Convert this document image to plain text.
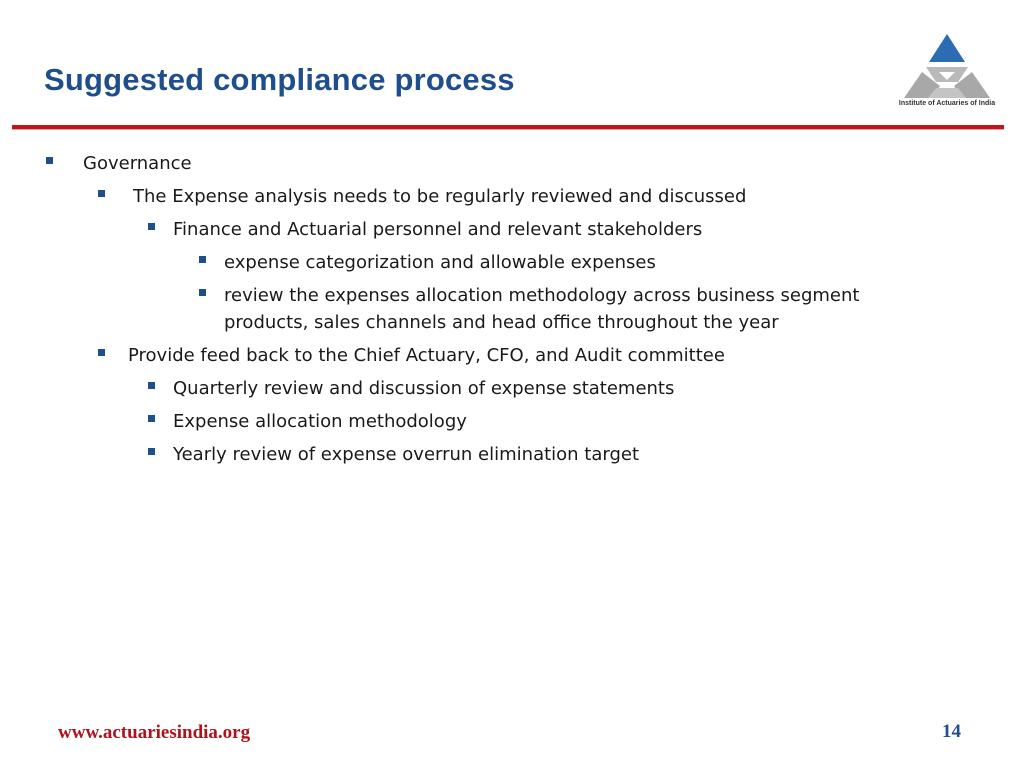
Suggested compliance process
Institute of Actuaries of India
Governance
The Expense analysis needs to be regularly reviewed and discussed
Finance and Actuarial personnel and relevant stakeholders
expense categorization and allowable expenses
review the expenses allocation methodology across business segment
products, sales channels and head office throughout the year
Provide feed back to the Chief Actuary, CFO, and Audit committee
Quarterly review and discussion of expense statements
Expense allocation methodology
Yearly review of expense overrun elimination target
www.actuariesindia.org	14
